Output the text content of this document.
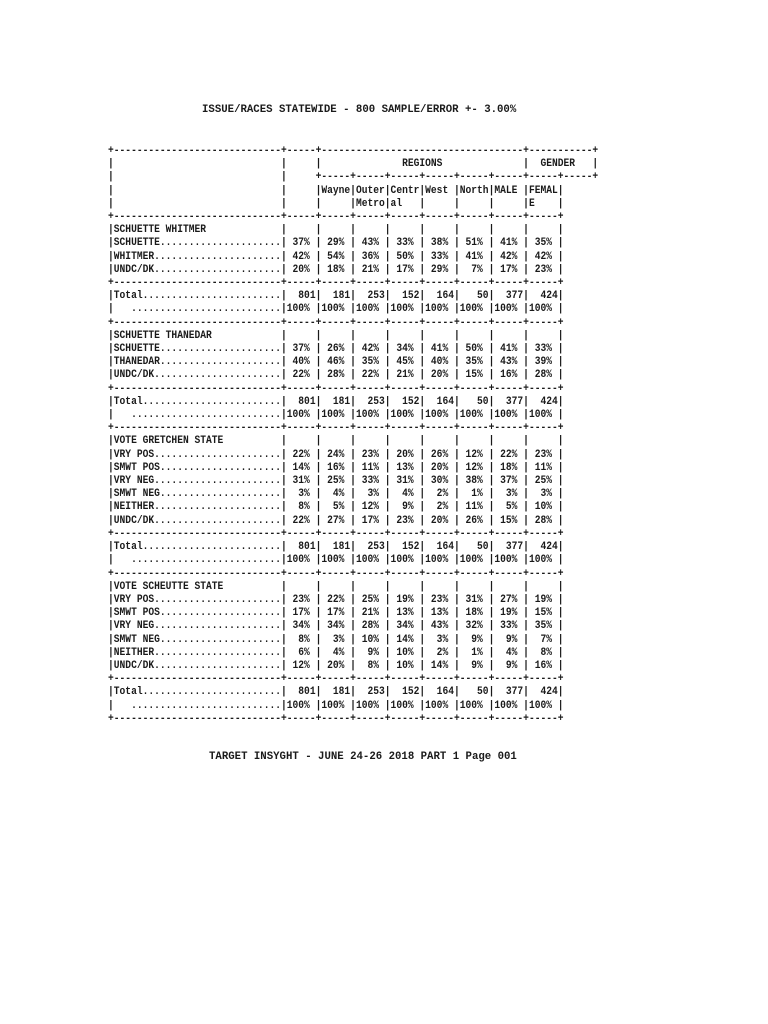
ISSUE/RACES STATEWIDE - 800 SAMPLE/ERROR +- 3.00%
+-----------------------------+-----+-----------------------------------+-----------+
|                             |     |              REGIONS              |  GENDER   |
|                             |     +-----+-----+-----+-----+-----+-----+-----+-----+
|                             |     |Wayne|Outer|Centr|West |North|MALE |FEMAL|
|                             |     |     |Metro|al   |     |     |     |E    |
+-----------------------------+-----+-----+-----+-----+-----+-----+-----+-----+
|SCHUETTE WHITMER             |     |     |     |     |     |     |     |     |
|SCHUETTE.....................| 37% | 29% | 43% | 33% | 38% | 51% | 41% | 35% |
|WHITMER......................| 42% | 54% | 36% | 50% | 33% | 41% | 42% | 42% |
|UNDC/DK......................| 20% | 18% | 21% | 17% | 29% |  7% | 17% | 23% |
+-----------------------------+-----+-----+-----+-----+-----+-----+-----+-----+
|Total........................|  801|  181|  253|  152|  164|   50|  377|  424|
|   ..........................|100% |100% |100% |100% |100% |100% |100% |100% |
+-----------------------------+-----+-----+-----+-----+-----+-----+-----+-----+
|SCHUETTE THANEDAR            |     |     |     |     |     |     |     |     |
|SCHUETTE.....................| 37% | 26% | 42% | 34% | 41% | 50% | 41% | 33% |
|THANEDAR.....................| 40% | 46% | 35% | 45% | 40% | 35% | 43% | 39% |
|UNDC/DK......................| 22% | 28% | 22% | 21% | 20% | 15% | 16% | 28% |
+-----------------------------+-----+-----+-----+-----+-----+-----+-----+-----+
|Total........................|  801|  181|  253|  152|  164|   50|  377|  424|
|   ..........................|100% |100% |100% |100% |100% |100% |100% |100% |
+-----------------------------+-----+-----+-----+-----+-----+-----+-----+-----+
|VOTE GRETCHEN STATE          |     |     |     |     |     |     |     |     |
|VRY POS......................| 22% | 24% | 23% | 20% | 26% | 12% | 22% | 23% |
|SMWT POS.....................| 14% | 16% | 11% | 13% | 20% | 12% | 18% | 11% |
|VRY NEG......................| 31% | 25% | 33% | 31% | 30% | 38% | 37% | 25% |
|SMWT NEG.....................|  3% |  4% |  3% |  4% |  2% |  1% |  3% |  3% |
|NEITHER......................|  8% |  5% | 12% |  9% |  2% | 11% |  5% | 10% |
|UNDC/DK......................| 22% | 27% | 17% | 23% | 20% | 26% | 15% | 28% |
+-----------------------------+-----+-----+-----+-----+-----+-----+-----+-----+
|Total........................|  801|  181|  253|  152|  164|   50|  377|  424|
|   ..........................|100% |100% |100% |100% |100% |100% |100% |100% |
+-----------------------------+-----+-----+-----+-----+-----+-----+-----+-----+
|VOTE SCHEUTTE STATE          |     |     |     |     |     |     |     |     |
|VRY POS......................| 23% | 22% | 25% | 19% | 23% | 31% | 27% | 19% |
|SMWT POS.....................| 17% | 17% | 21% | 13% | 13% | 18% | 19% | 15% |
|VRY NEG......................| 34% | 34% | 28% | 34% | 43% | 32% | 33% | 35% |
|SMWT NEG.....................|  8% |  3% | 10% | 14% |  3% |  9% |  9% |  7% |
|NEITHER......................|  6% |  4% |  9% | 10% |  2% |  1% |  4% |  8% |
|UNDC/DK......................| 12% | 20% |  8% | 10% | 14% |  9% |  9% | 16% |
+-----------------------------+-----+-----+-----+-----+-----+-----+-----+-----+
|Total........................|  801|  181|  253|  152|  164|   50|  377|  424|
|   ..........................|100% |100% |100% |100% |100% |100% |100% |100% |
+-----------------------------+-----+-----+-----+-----+-----+-----+-----+-----+
TARGET INSYGHT - JUNE 24-26 2018 PART 1 Page 001
